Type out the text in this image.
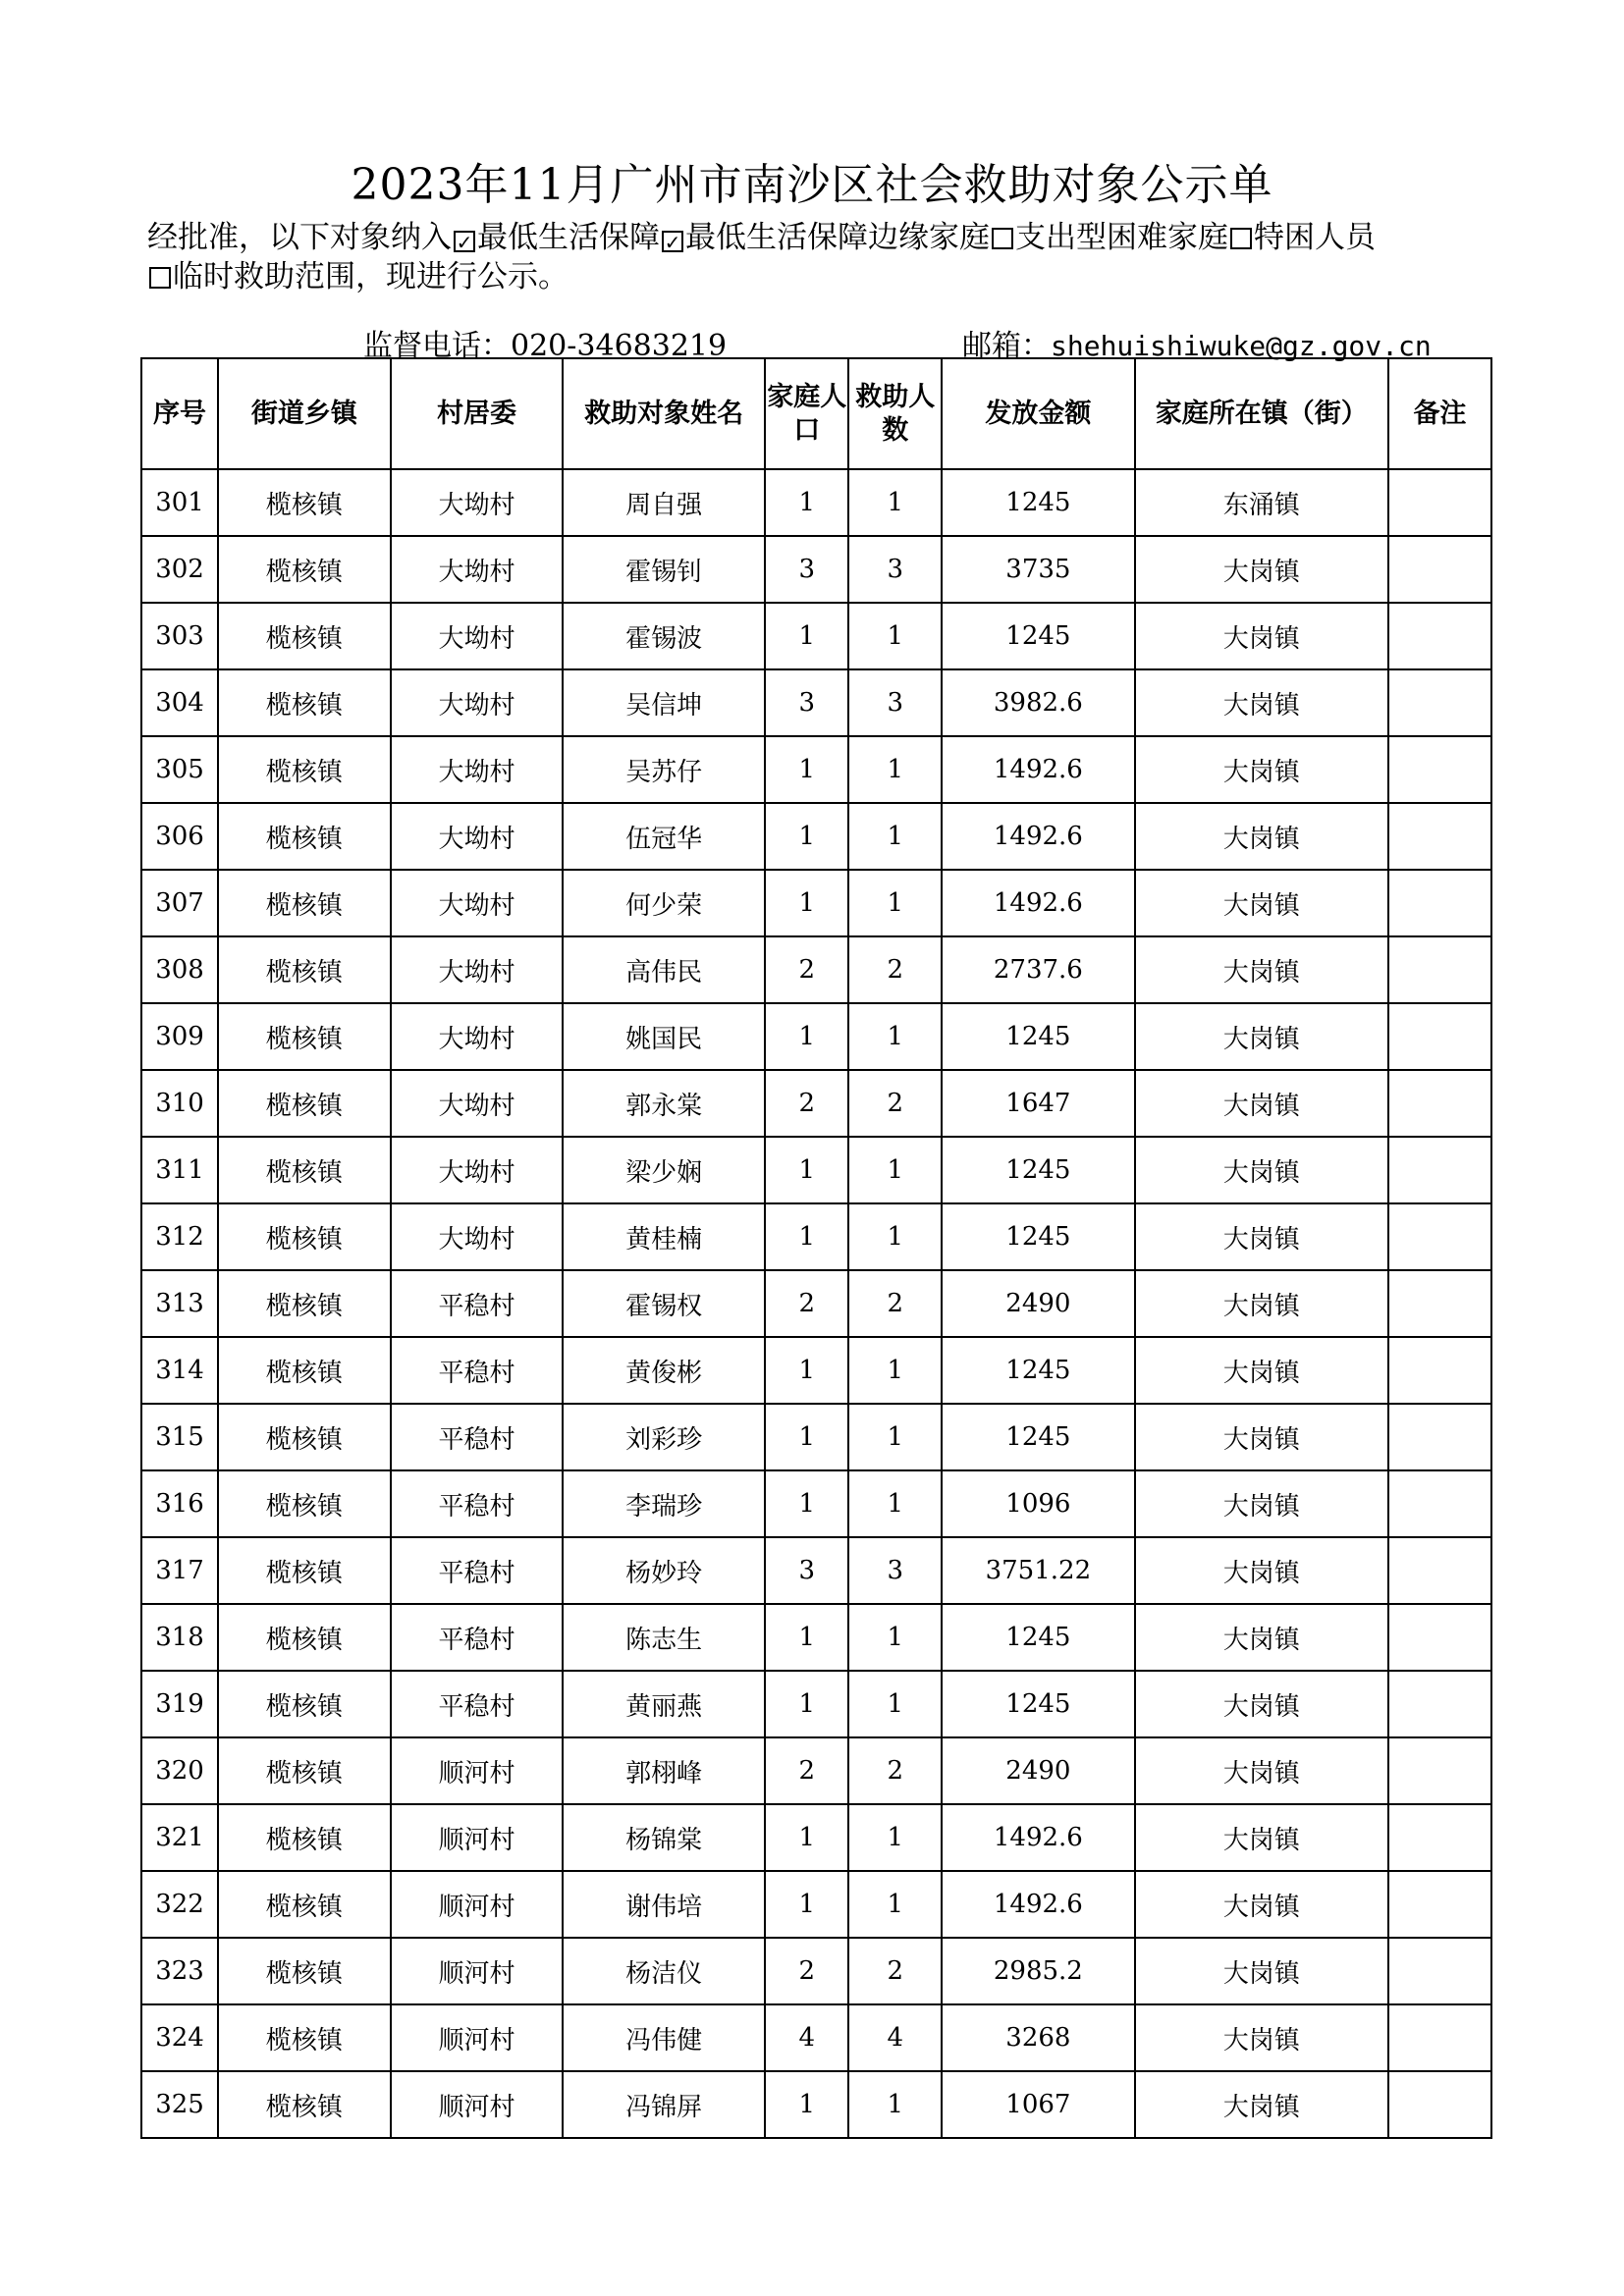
2023年11月广州市南沙区社会救助对象公示单
经批准，以下对象纳入 ✓ 最低生活保障 ✓ 最低生活保障边缘家庭 支出型困难家庭 特困人员
临时救助范围，现进行公示。
监督电话：020-34683219	邮箱：shehuishiwuke@gz.gov.cn
序号	街道乡镇	村居委	救助对象姓名	家庭人口	救助人数	发放金额	家庭所在镇（街）	备注
301	榄核镇	大坳村	周自强	1	1	1245	东涌镇	
302	榄核镇	大坳村	霍锡钊	3	3	3735	大岗镇	
303	榄核镇	大坳村	霍锡波	1	1	1245	大岗镇	
304	榄核镇	大坳村	吴信坤	3	3	3982.6	大岗镇	
305	榄核镇	大坳村	吴苏仔	1	1	1492.6	大岗镇	
306	榄核镇	大坳村	伍冠华	1	1	1492.6	大岗镇	
307	榄核镇	大坳村	何少荣	1	1	1492.6	大岗镇	
308	榄核镇	大坳村	高伟民	2	2	2737.6	大岗镇	
309	榄核镇	大坳村	姚国民	1	1	1245	大岗镇	
310	榄核镇	大坳村	郭永棠	2	2	1647	大岗镇	
311	榄核镇	大坳村	梁少娴	1	1	1245	大岗镇	
312	榄核镇	大坳村	黄桂楠	1	1	1245	大岗镇	
313	榄核镇	平稳村	霍锡权	2	2	2490	大岗镇	
314	榄核镇	平稳村	黄俊彬	1	1	1245	大岗镇	
315	榄核镇	平稳村	刘彩珍	1	1	1245	大岗镇	
316	榄核镇	平稳村	李瑞珍	1	1	1096	大岗镇	
317	榄核镇	平稳村	杨妙玲	3	3	3751.22	大岗镇	
318	榄核镇	平稳村	陈志生	1	1	1245	大岗镇	
319	榄核镇	平稳村	黄丽燕	1	1	1245	大岗镇	
320	榄核镇	顺河村	郭栩峰	2	2	2490	大岗镇	
321	榄核镇	顺河村	杨锦棠	1	1	1492.6	大岗镇	
322	榄核镇	顺河村	谢伟培	1	1	1492.6	大岗镇	
323	榄核镇	顺河村	杨洁仪	2	2	2985.2	大岗镇	
324	榄核镇	顺河村	冯伟健	4	4	3268	大岗镇	
325	榄核镇	顺河村	冯锦屏	1	1	1067	大岗镇	
